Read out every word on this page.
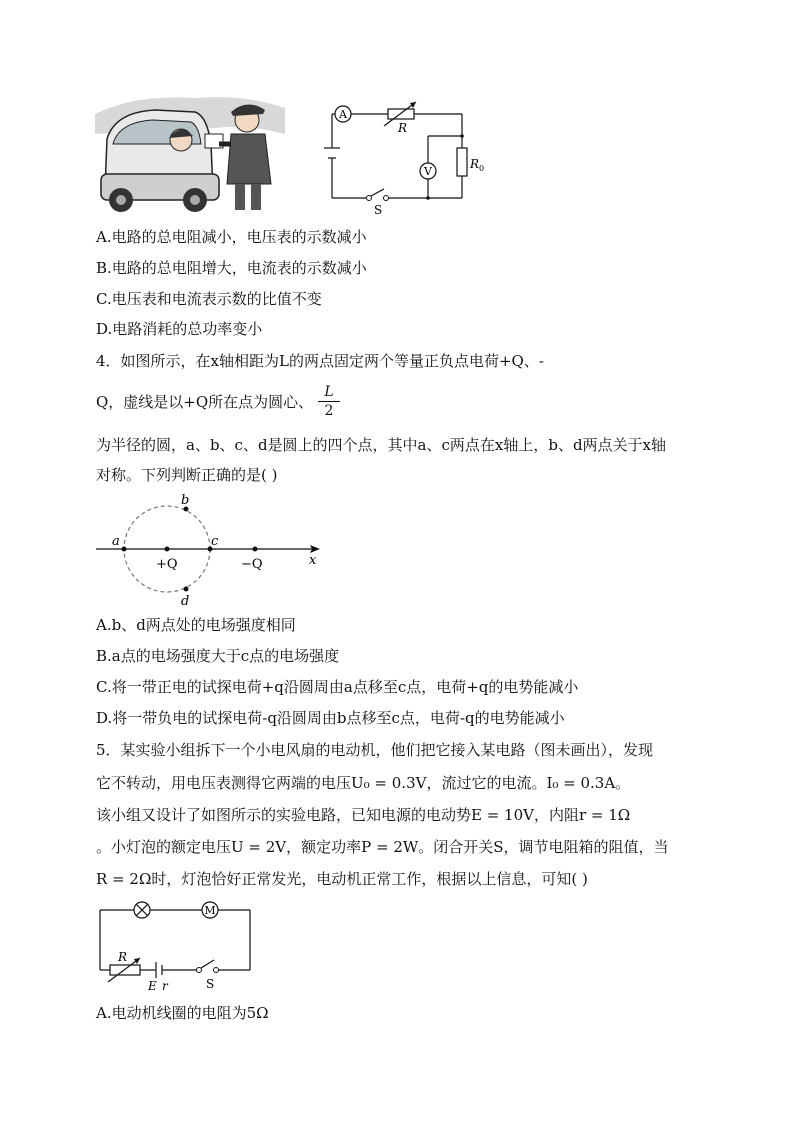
A
R
V
$R_0$
S
A.电路的总电阻减小，电压表的示数减小
B.电路的总电阻增大，电流表的示数减小
C.电压表和电流表示数的比值不变
D.电路消耗的总功率变小
4．如图所示，在x轴相距为L的两点固定两个等量正负点电荷+Q、-
Q，虚线是以+Q所在点为圆心、
L
2
为半径的圆，a、b、c、d是圆上的四个点，其中a、c两点在x轴上，b、d两点关于x轴
对称。下列判断正确的是( )
a
b
c
d
+Q	−Q	x
A.b、d两点处的电场强度相同
B.a点的电场强度大于c点的电场强度
C.将一带正电的试探电荷+q沿圆周由a点移至c点，电荷+q的电势能减小
D.将一带负电的试探电荷-q沿圆周由b点移至c点，电荷-q的电势能减小
5．某实验小组拆下一个小电风扇的电动机，他们把它接入某电路（图未画出），发现
它不转动，用电压表测得它两端的电压U₀ = 0.3V，流过它的电流。I₀ = 0.3A。
该小组又设计了如图所示的实验电路，已知电源的电动势E = 10V，内阻r = 1Ω
。小灯泡的额定电压U = 2V，额定功率P = 2W。闭合开关S，调节电阻箱的阻值，当
R = 2Ω时，灯泡恰好正常发光，电动机正常工作，根据以上信息，可知( )
M
R
E r	S
A.电动机线圈的电阻为5Ω
